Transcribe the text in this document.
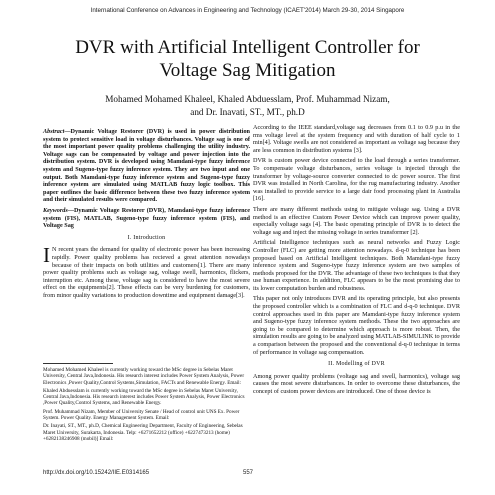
International Conference on Advances in Engineering and Technology (ICAET'2014) March 29-30, 2014 Singapore
DVR with Artificial Intelligent Controller for
Voltage Sag Mitigation
Mohamed Mohamed Khaleel, Khaled Abduesslam, Prof. Muhammad Nizam,
and Dr. Inavati, ST., MT., ph.D

Abstract—Dynamic Voltage Restorer (DVR) is used in power distribution system to protect sensitive load in voltage disturbances. Voltage sag is one of the most important power quality problems challenging the utility industry. Voltage sags can be compensated by voltage and power injection into the distribution system. DVR is developed using Mamdani-type fuzzy inference system and Sugeno-type fuzzy inference system. They are two input and one output. Both Mamdani-type fuzzy inference system and Sugeno-type fuzzy inference system are simulated using MATLAB fuzzy logic toolbox. This paper outlines the basic difference between these two fuzzy inference system and their simulated results were compared.

Keywords—Dynamic Voltage Restorer (DVR), Mamdani-type fuzzy inference system (FIS), MATLAB, Sugeno-type fuzzy inference system (FIS), and Voltage Sag

I. Introduction

I N recent years the demand for quality of electronic power has been increasing rapidly. Power quality problems has recieved a great attention nowadays because of their impacts on both utilities and customers[1]. There are many power quality problems such as voltage sag, voltage swell, harmonics, flickers, interruption etc. Among these, voltage sag is considered to have the most severe effect on the equipments[2]. These effects can be very burdening for customers, from minor quality variations to production downtime and equipment damage[3].

Mohamed Mohamed Khaleel is currently working toward the MSc degree in Sebelas Maret University, Central Java,Indonesia. His research interest includes Power System Analysis, Power Electronics ,Power Quality,Control Systems,Simulation, FACTs and Renewable Energy. Email:

Khaled Abduesslam is currently working toward the MSc degree in Sebelas Maret University, Central Java,Indonesia. His research interest includes Power System Analysis, Power Electronics ,Power Quality,Control Systems, and Renewable Energy.

Prof. Muhammad Nizam, Member of University Senate / Head of control unit UNS Ex. Power System. Power Quality. Energy Management System. Email:

Dr. Inayati, ST., MT., ph.D, Chemical Engineering Department, Faculty of Engineering, Sebelas Maret University, Surakarta, Indonesia. Telp: +6271652212 (office) +6227473213 (home) +6282138246908 (mobil)] Email:

According to the IEEE standard,voltage sag decreases from 0.1 to 0.9 p.u in the rms voltage level at the system frequency and with duration of half cycle to 1 min[4]. Voltage swells are not considered as important as voltage sag because they are less common in distribution systems [3].

DVR is custom power device connected to the load through a series transformer. To compensate voltage disturbances, series voltage is injected through the transformer by voltage-source converter connected to dc power source. The first DVR was installed in North Carolina, for the rug manufacturing industry. Another was installed to provide service to a large dair food processing plant in Australia [16].

There are many different methods using to mitigate voltage sag. Using a DVR method is an effective Custom Power Device which can improve power quality, especially voltage sags [4]. The basic operating principle of DVR is to detect the voltage sag and inject the missing voltage in series transformer [2].

Artificial Intelligence techniques such as neural networks and Fuzzy Logic Controller (FLC) are getting more attention nowadays. d-q-0 technique has been proposed based on Artificial Intelligent techniques. Both Mamdani-type fuzzy inference system and Sugeno-type fuzzy inference system are two samples of methods proposed for the DVR. The advantage of these two techniques is that they use human experience. In addition, FLC appears to be the most promising due to its lower computation burden and robustness.

This paper not only introduces DVR and its operating principle, but also presents the proposed controller which is a combination of FLC and d-q-0 technique. DVR control approaches used in this paper are Mamdani-type fuzzy inference system and Sugeno-type fuzzy inference system methods. These the two approaches are going to be compared to determine which approach is more robust. Then, the simulation results are going to be analyzed using MATLAB-SIMULINK to provide a comparison between the proposed and the conventional d-q-0 technique in terms of performance in voltage sag compensation.

II. Modelling of DVR

Among power quality problems (voltage sag and swell, harmonics), voltage sag causes the most severe disturbances. In order to overcome these disturbances, the concept of custom power devices are introduced. One of those device is

http://dx.doi.org/10.15242/IIE.E0314165	557
